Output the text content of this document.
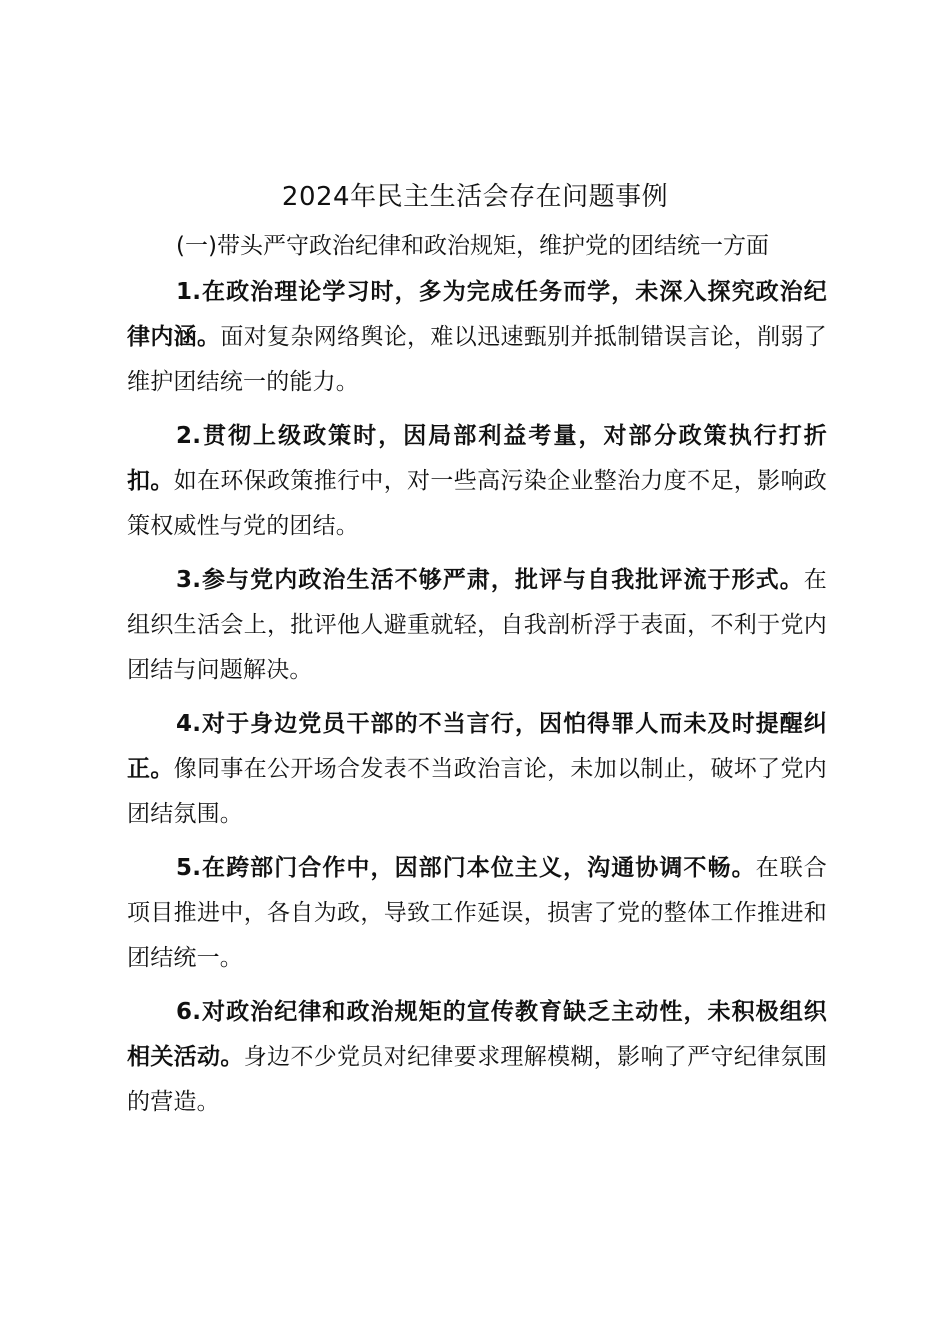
2024年民主生活会存在问题事例

(一)带头严守政治纪律和政治规矩，维护党的团结统一方面

1.在政治理论学习时，多为完成任务而学，未深入探究政治纪律内涵。面对复杂网络舆论，难以迅速甄别并抵制错误言论，削弱了维护团结统一的能力。

2.贯彻上级政策时，因局部利益考量，对部分政策执行打折扣。如在环保政策推行中，对一些高污染企业整治力度不足，影响政策权威性与党的团结。

3.参与党内政治生活不够严肃，批评与自我批评流于形式。在组织生活会上，批评他人避重就轻，自我剖析浮于表面，不利于党内团结与问题解决。

4.对于身边党员干部的不当言行，因怕得罪人而未及时提醒纠正。像同事在公开场合发表不当政治言论，未加以制止，破坏了党内团结氛围。

5.在跨部门合作中，因部门本位主义，沟通协调不畅。在联合项目推进中，各自为政，导致工作延误，损害了党的整体工作推进和团结统一。

6.对政治纪律和政治规矩的宣传教育缺乏主动性，未积极组织相关活动。身边不少党员对纪律要求理解模糊，影响了严守纪律氛围的营造。
